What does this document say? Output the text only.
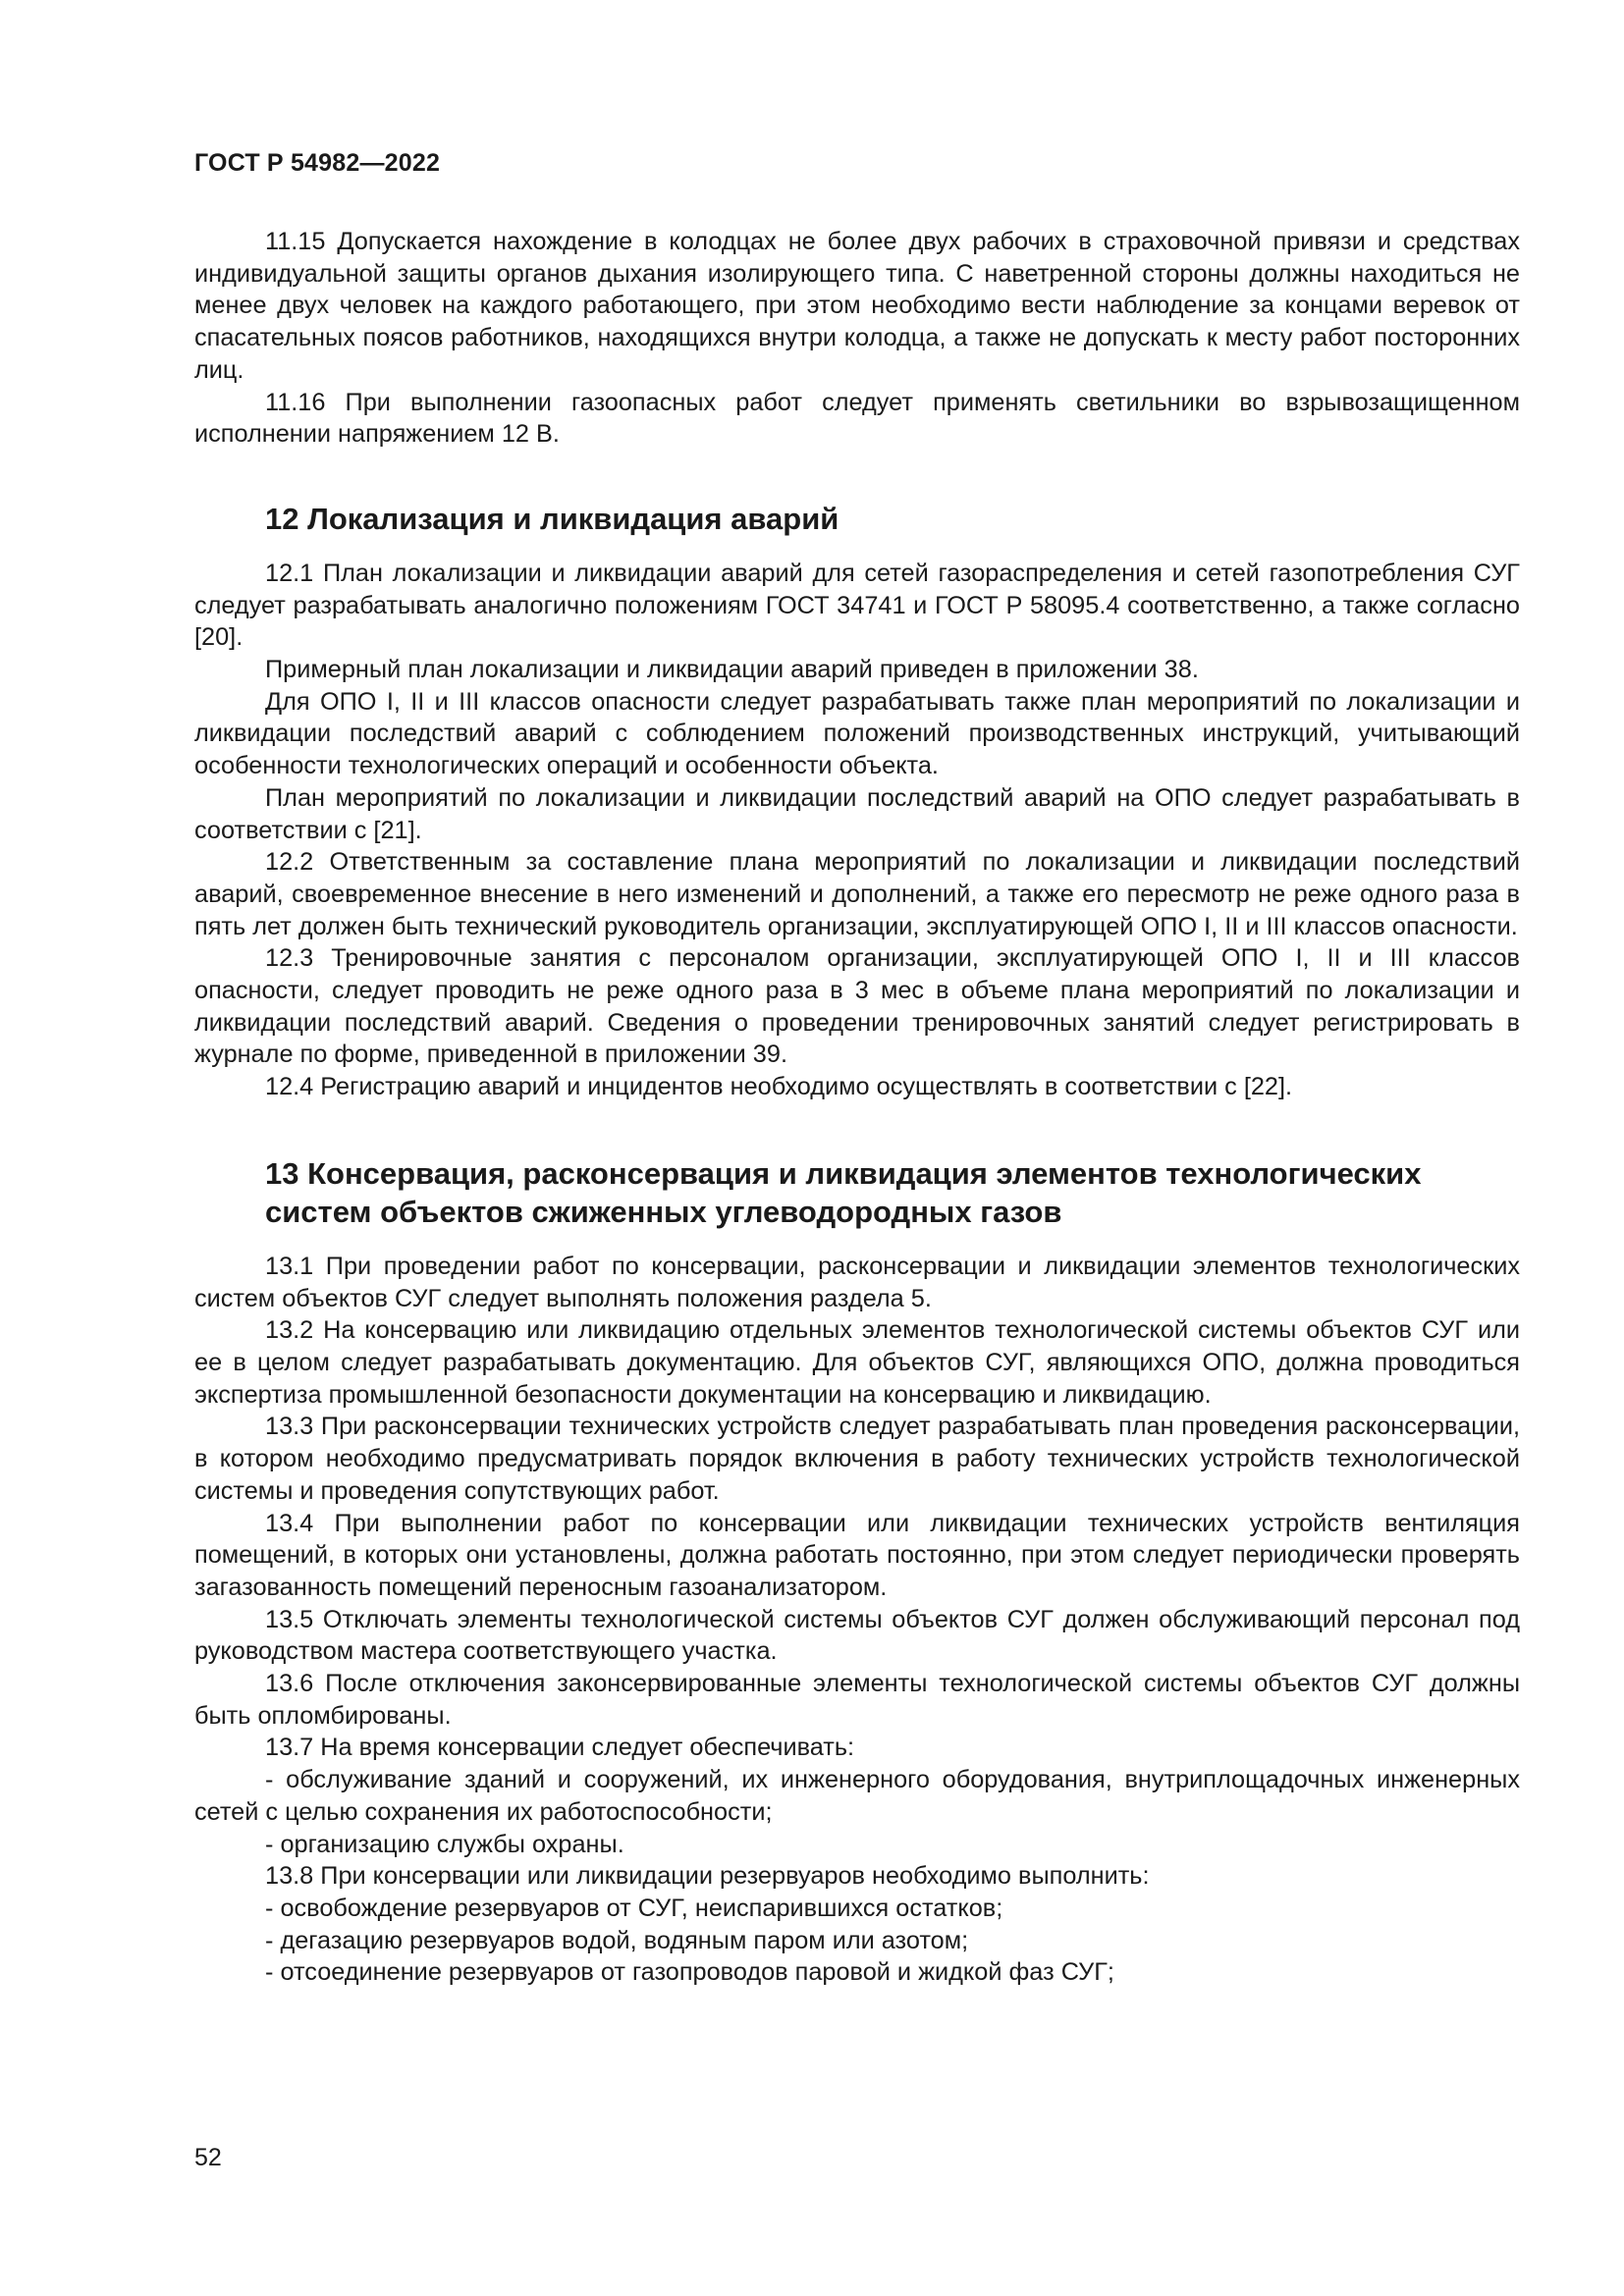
ГОСТ Р 54982—2022

11.15 Допускается нахождение в колодцах не более двух рабочих в страховочной привязи и средствах индивидуальной защиты органов дыхания изолирующего типа. С наветренной стороны должны находиться не менее двух человек на каждого работающего, при этом необходимо вести наблюдение за концами веревок от спасательных поясов работников, находящихся внутри колодца, а также не допускать к месту работ посторонних лиц.

11.16 При выполнении газоопасных работ следует применять светильники во взрывозащищенном исполнении напряжением 12 В.

12 Локализация и ликвидация аварий

12.1 План локализации и ликвидации аварий для сетей газораспределения и сетей газопотребления СУГ следует разрабатывать аналогично положениям ГОСТ 34741 и ГОСТ Р 58095.4 соответственно, а также согласно [20].

Примерный план локализации и ликвидации аварий приведен в приложении 38.

Для ОПО I, II и III классов опасности следует разрабатывать также план мероприятий по локализации и ликвидации последствий аварий с соблюдением положений производственных инструкций, учитывающий особенности технологических операций и особенности объекта.

План мероприятий по локализации и ликвидации последствий аварий на ОПО следует разрабатывать в соответствии с [21].

12.2 Ответственным за составление плана мероприятий по локализации и ликвидации последствий аварий, своевременное внесение в него изменений и дополнений, а также его пересмотр не реже одного раза в пять лет должен быть технический руководитель организации, эксплуатирующей ОПО I, II и III классов опасности.

12.3 Тренировочные занятия с персоналом организации, эксплуатирующей ОПО I, II и III классов опасности, следует проводить не реже одного раза в 3 мес в объеме плана мероприятий по локализации и ликвидации последствий аварий. Сведения о проведении тренировочных занятий следует регистрировать в журнале по форме, приведенной в приложении 39.

12.4 Регистрацию аварий и инцидентов необходимо осуществлять в соответствии с [22].

13 Консервация, расконсервация и ликвидация элементов технологических систем объектов сжиженных углеводородных газов

13.1 При проведении работ по консервации, расконсервации и ликвидации элементов технологических систем объектов СУГ следует выполнять положения раздела 5.

13.2 На консервацию или ликвидацию отдельных элементов технологической системы объектов СУГ или ее в целом следует разрабатывать документацию. Для объектов СУГ, являющихся ОПО, должна проводиться экспертиза промышленной безопасности документации на консервацию и ликвидацию.

13.3 При расконсервации технических устройств следует разрабатывать план проведения расконсервации, в котором необходимо предусматривать порядок включения в работу технических устройств технологической системы и проведения сопутствующих работ.

13.4 При выполнении работ по консервации или ликвидации технических устройств вентиляция помещений, в которых они установлены, должна работать постоянно, при этом следует периодически проверять загазованность помещений переносным газоанализатором.

13.5 Отключать элементы технологической системы объектов СУГ должен обслуживающий персонал под руководством мастера соответствующего участка.

13.6 После отключения законсервированные элементы технологической системы объектов СУГ должны быть опломбированы.

13.7 На время консервации следует обеспечивать:

- обслуживание зданий и сооружений, их инженерного оборудования, внутриплощадочных инженерных сетей с целью сохранения их работоспособности;

- организацию службы охраны.

13.8 При консервации или ликвидации резервуаров необходимо выполнить:

- освобождение резервуаров от СУГ, неиспарившихся остатков;

- дегазацию резервуаров водой, водяным паром или азотом;

- отсоединение резервуаров от газопроводов паровой и жидкой фаз СУГ;

52
